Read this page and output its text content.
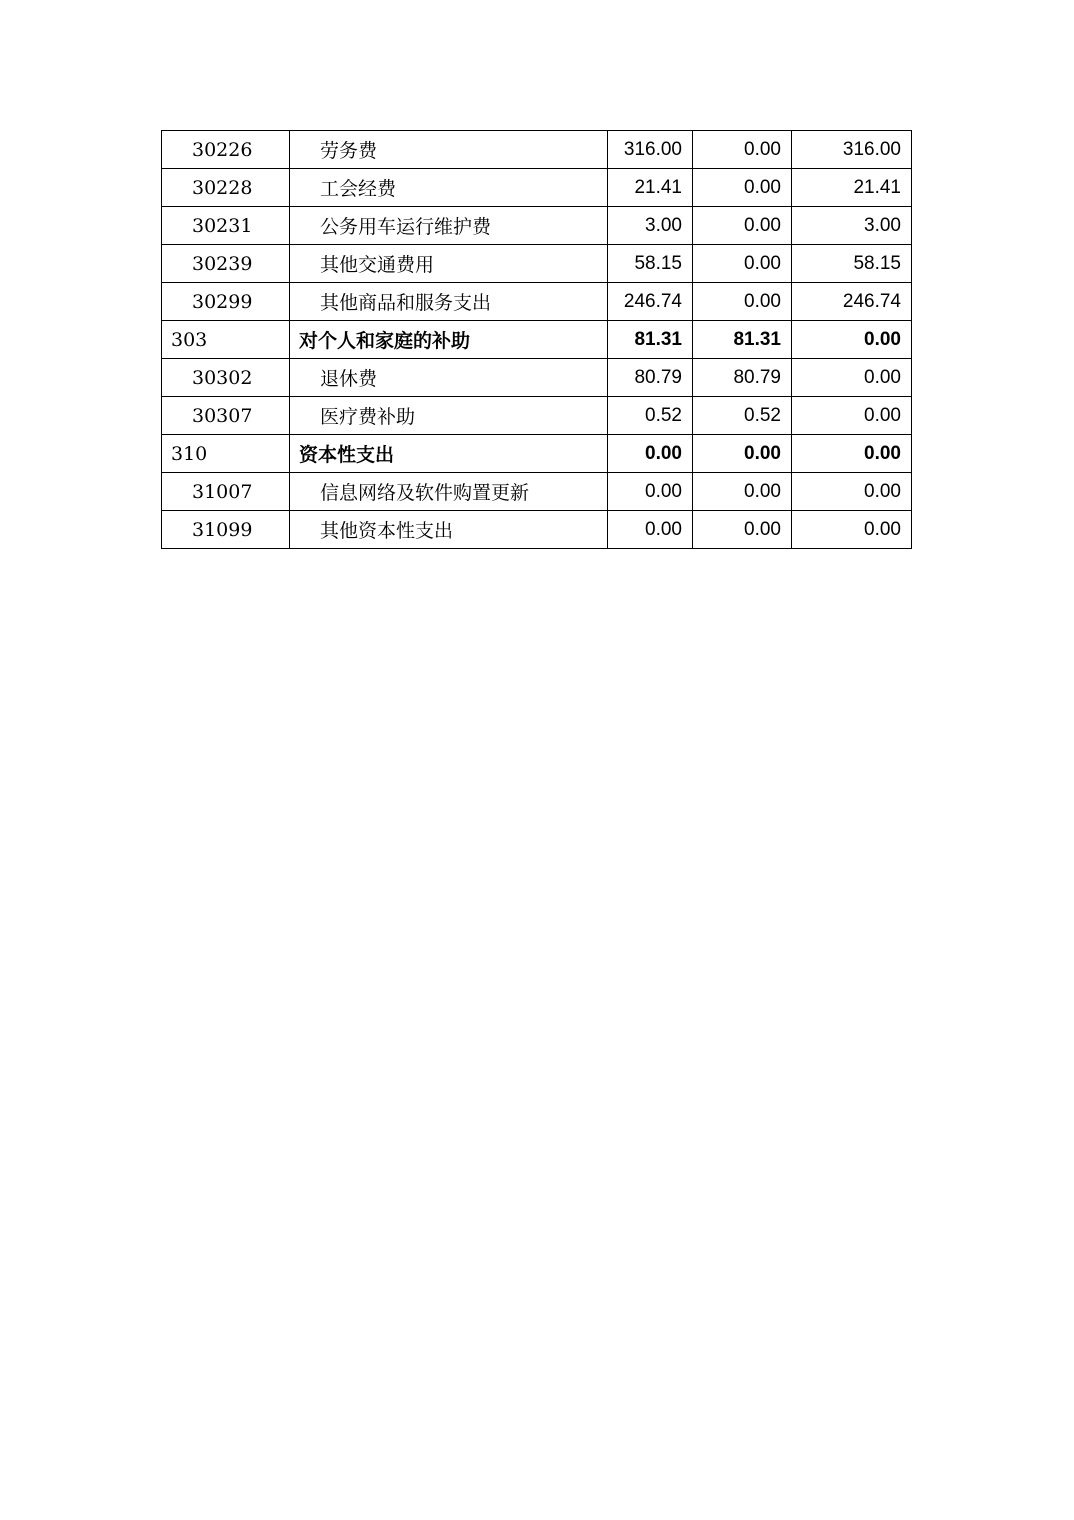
30226	劳务费	316.00	0.00	316.00
30228	工会经费	21.41	0.00	21.41
30231	公务用车运行维护费	3.00	0.00	3.00
30239	其他交通费用	58.15	0.00	58.15
30299	其他商品和服务支出	246.74	0.00	246.74
303	对个人和家庭的补助	81.31	81.31	0.00
30302	退休费	80.79	80.79	0.00
30307	医疗费补助	0.52	0.52	0.00
310	资本性支出	0.00	0.00	0.00
31007	信息网络及软件购置更新	0.00	0.00	0.00
31099	其他资本性支出	0.00	0.00	0.00
